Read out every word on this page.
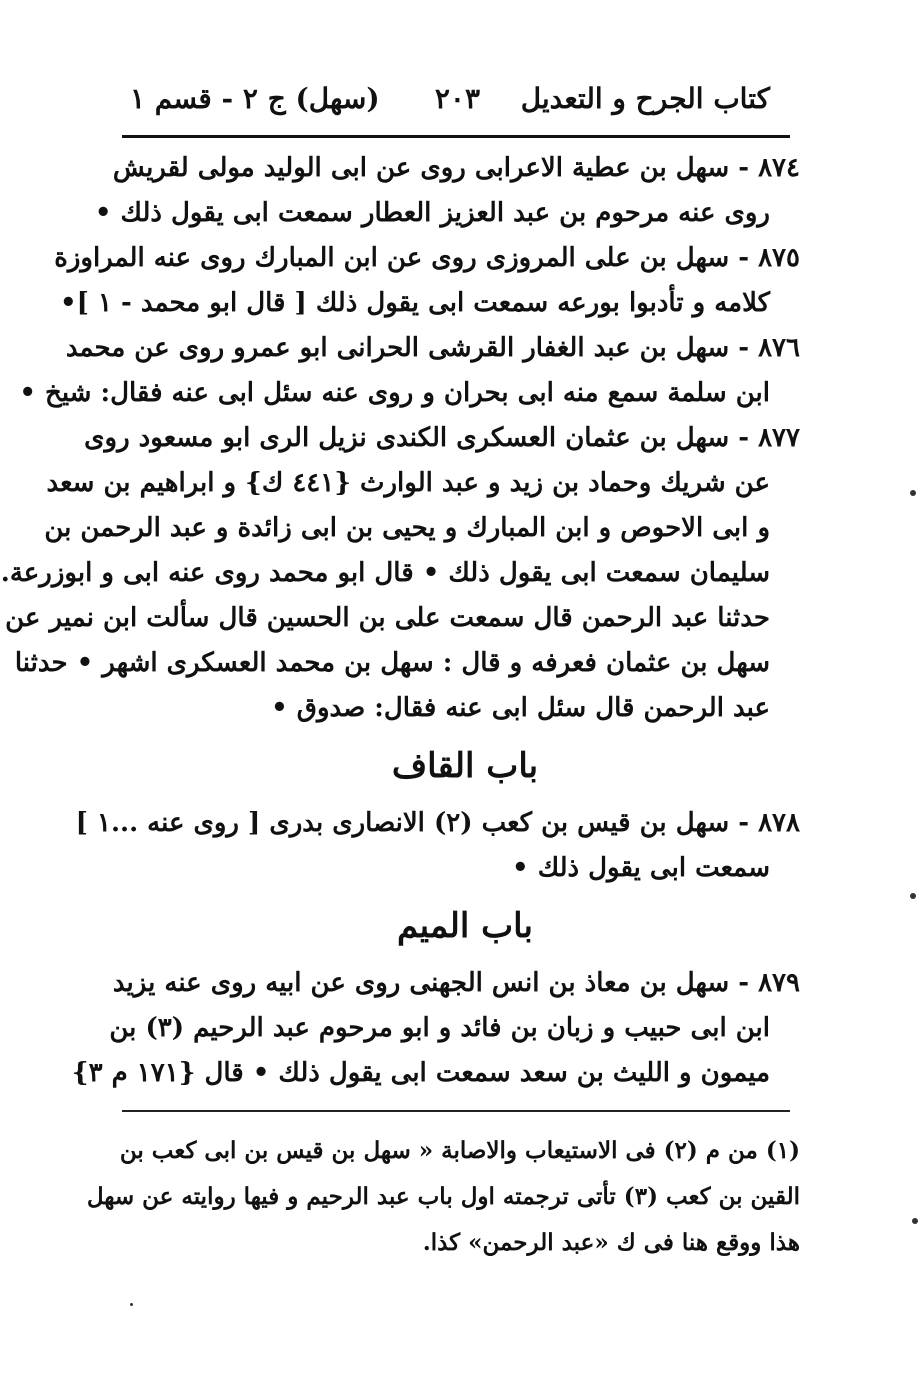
كتاب الجرح و التعديل
٢٠٣
(سهل) ج ٢ - قسم ١
٨٧٤ - سهل بن عطية الاعرابى روى عن ابى الوليد مولى لقريش
روى عنه مرحوم بن عبد العزيز العطار سمعت ابى يقول ذلك •
٨٧٥ - سهل بن على المروزى روى عن ابن المبارك روى عنه المراوزة
كلامه و تأدبوا بورعه سمعت ابى يقول ذلك [ قال ابو محمد - ١ ]•
٨٧٦ - سهل بن عبد الغفار القرشى الحرانى ابو عمرو روى عن محمد
ابن سلمة سمع منه ابى بحران و روى عنه سئل ابى عنه فقال: شيخ •
٨٧٧ - سهل بن عثمان العسكرى الكندى نزيل الرى ابو مسعود روى
عن شريك وحماد بن زيد و عبد الوارث {٤٤١ ك} و ابراهيم بن سعد
و ابى الاحوص و ابن المبارك و يحيى بن ابى زائدة و عبد الرحمن بن
سليمان سمعت ابى يقول ذلك • قال ابو محمد روى عنه ابى و ابوزرعة.
حدثنا عبد الرحمن قال سمعت على بن الحسين قال سألت ابن نمير عن
سهل بن عثمان فعرفه و قال : سهل بن محمد العسكرى اشهر • حدثنا
عبد الرحمن قال سئل ابى عنه فقال: صدوق •
باب القاف
٨٧٨ - سهل بن قيس بن كعب (٢) الانصارى بدرى [ روى عنه ...١ ]
سمعت ابى يقول ذلك •
باب الميم
٨٧٩ - سهل بن معاذ بن انس الجهنى روى عن ابيه روى عنه يزيد
ابن ابى حبيب و زبان بن فائد و ابو مرحوم عبد الرحيم (٣) بن
ميمون و الليث بن سعد سمعت ابى يقول ذلك • قال {١٧١ م ٣}
(١) من م (٢) فى الاستيعاب والاصابة « سهل بن قيس بن ابى كعب بن
القين بن كعب (٣) تأتى ترجمته اول باب عبد الرحيم و فيها روايته عن سهل
هذا ووقع هنا فى ك «عبد الرحمن» كذا.
